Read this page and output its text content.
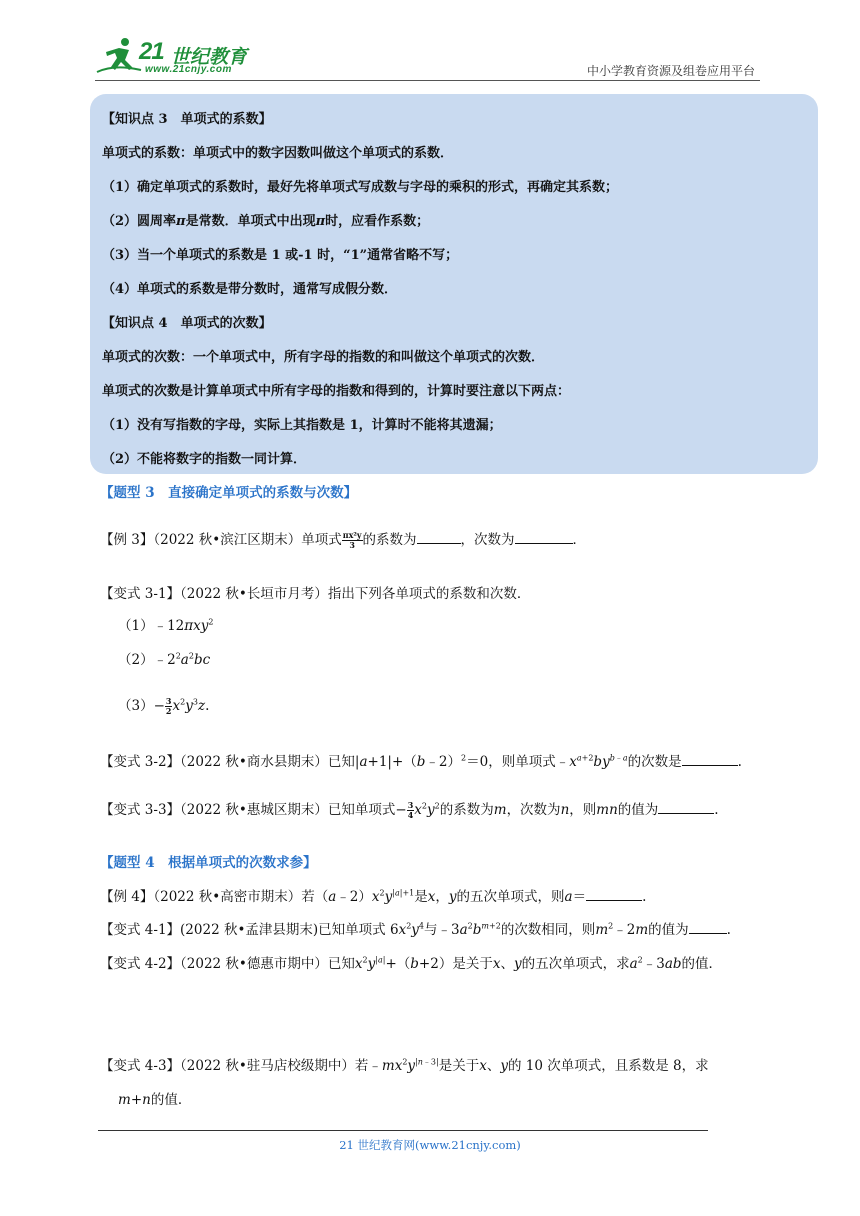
21 世纪教育
www.21cnjy.com	中小学教育资源及组卷应用平台
【知识点 3　单项式的系数】
单项式的系数：单项式中的数字因数叫做这个单项式的系数．
（1）确定单项式的系数时，最好先将单项式写成数与字母的乘积的形式，再确定其系数；
（2）圆周率π是常数．单项式中出现π时，应看作系数；
（3）当一个单项式的系数是 1 或-1 时，“1”通常省略不写；
（4）单项式的系数是带分数时，通常写成假分数．
【知识点 4　单项式的次数】
单项式的次数：一个单项式中，所有字母的指数的和叫做这个单项式的次数．
单项式的次数是计算单项式中所有字母的指数和得到的，计算时要注意以下两点：
（1）没有写指数的字母，实际上其指数是 1，计算时不能将其遗漏；
（2）不能将数字的指数一同计算．
【题型 3　直接确定单项式的系数与次数】
【例 3】（2022 秋•滨江区期末）单项式 $\frac{\text{πx²y}}{3}$ 的系数为	，次数为	．
【变式 3-1】（2022 秋•长垣市月考）指出下列各单项式的系数和次数．
（1）﹣12πxy$^2$
$(2)﹣2^2a^2bc$
$(3)- \frac{3}{2} x^2y^3z$.
【变式 3-2】（2022 秋•商水县期末）已知|a+1|+（b﹣2）$^2$＝0，则单项式$﹣x^{a+2}by^{b﹣a}$的次数是	.
【变式 3-3】（2022 秋•惠城区期末）已知单项式− $\frac{3}{4} x^2y^2$的系数为m，次数为n，则mn的值为	.
【题型 4　根据单项式的次数求参】
【例 4】（2022 秋•高密市期末）若$(a﹣2)x^2y^{|a|+1}$是x，y的五次单项式，则a＝	.
【变式 4-1】(2022 秋•孟津县期末)已知单项式 $6x^2y^4$与$﹣3a^2b^{m+2}$的次数相同，则$m^2﹣2m$的值为	.
【变式 4-2】（2022 秋•德惠市期中）已知$x^2y^{|a|}+(b+2)$是关于x、y的五次单项式，求$a^2﹣3ab$的值．
【变式 4-3】（2022 秋•驻马店校级期中）若$﹣mx^2y^{|n﹣3|}$是关于x、y的 10 次单项式，且系数是 8，求
m+n的值．
21 世纪教育网(www.21cnjy.com)
